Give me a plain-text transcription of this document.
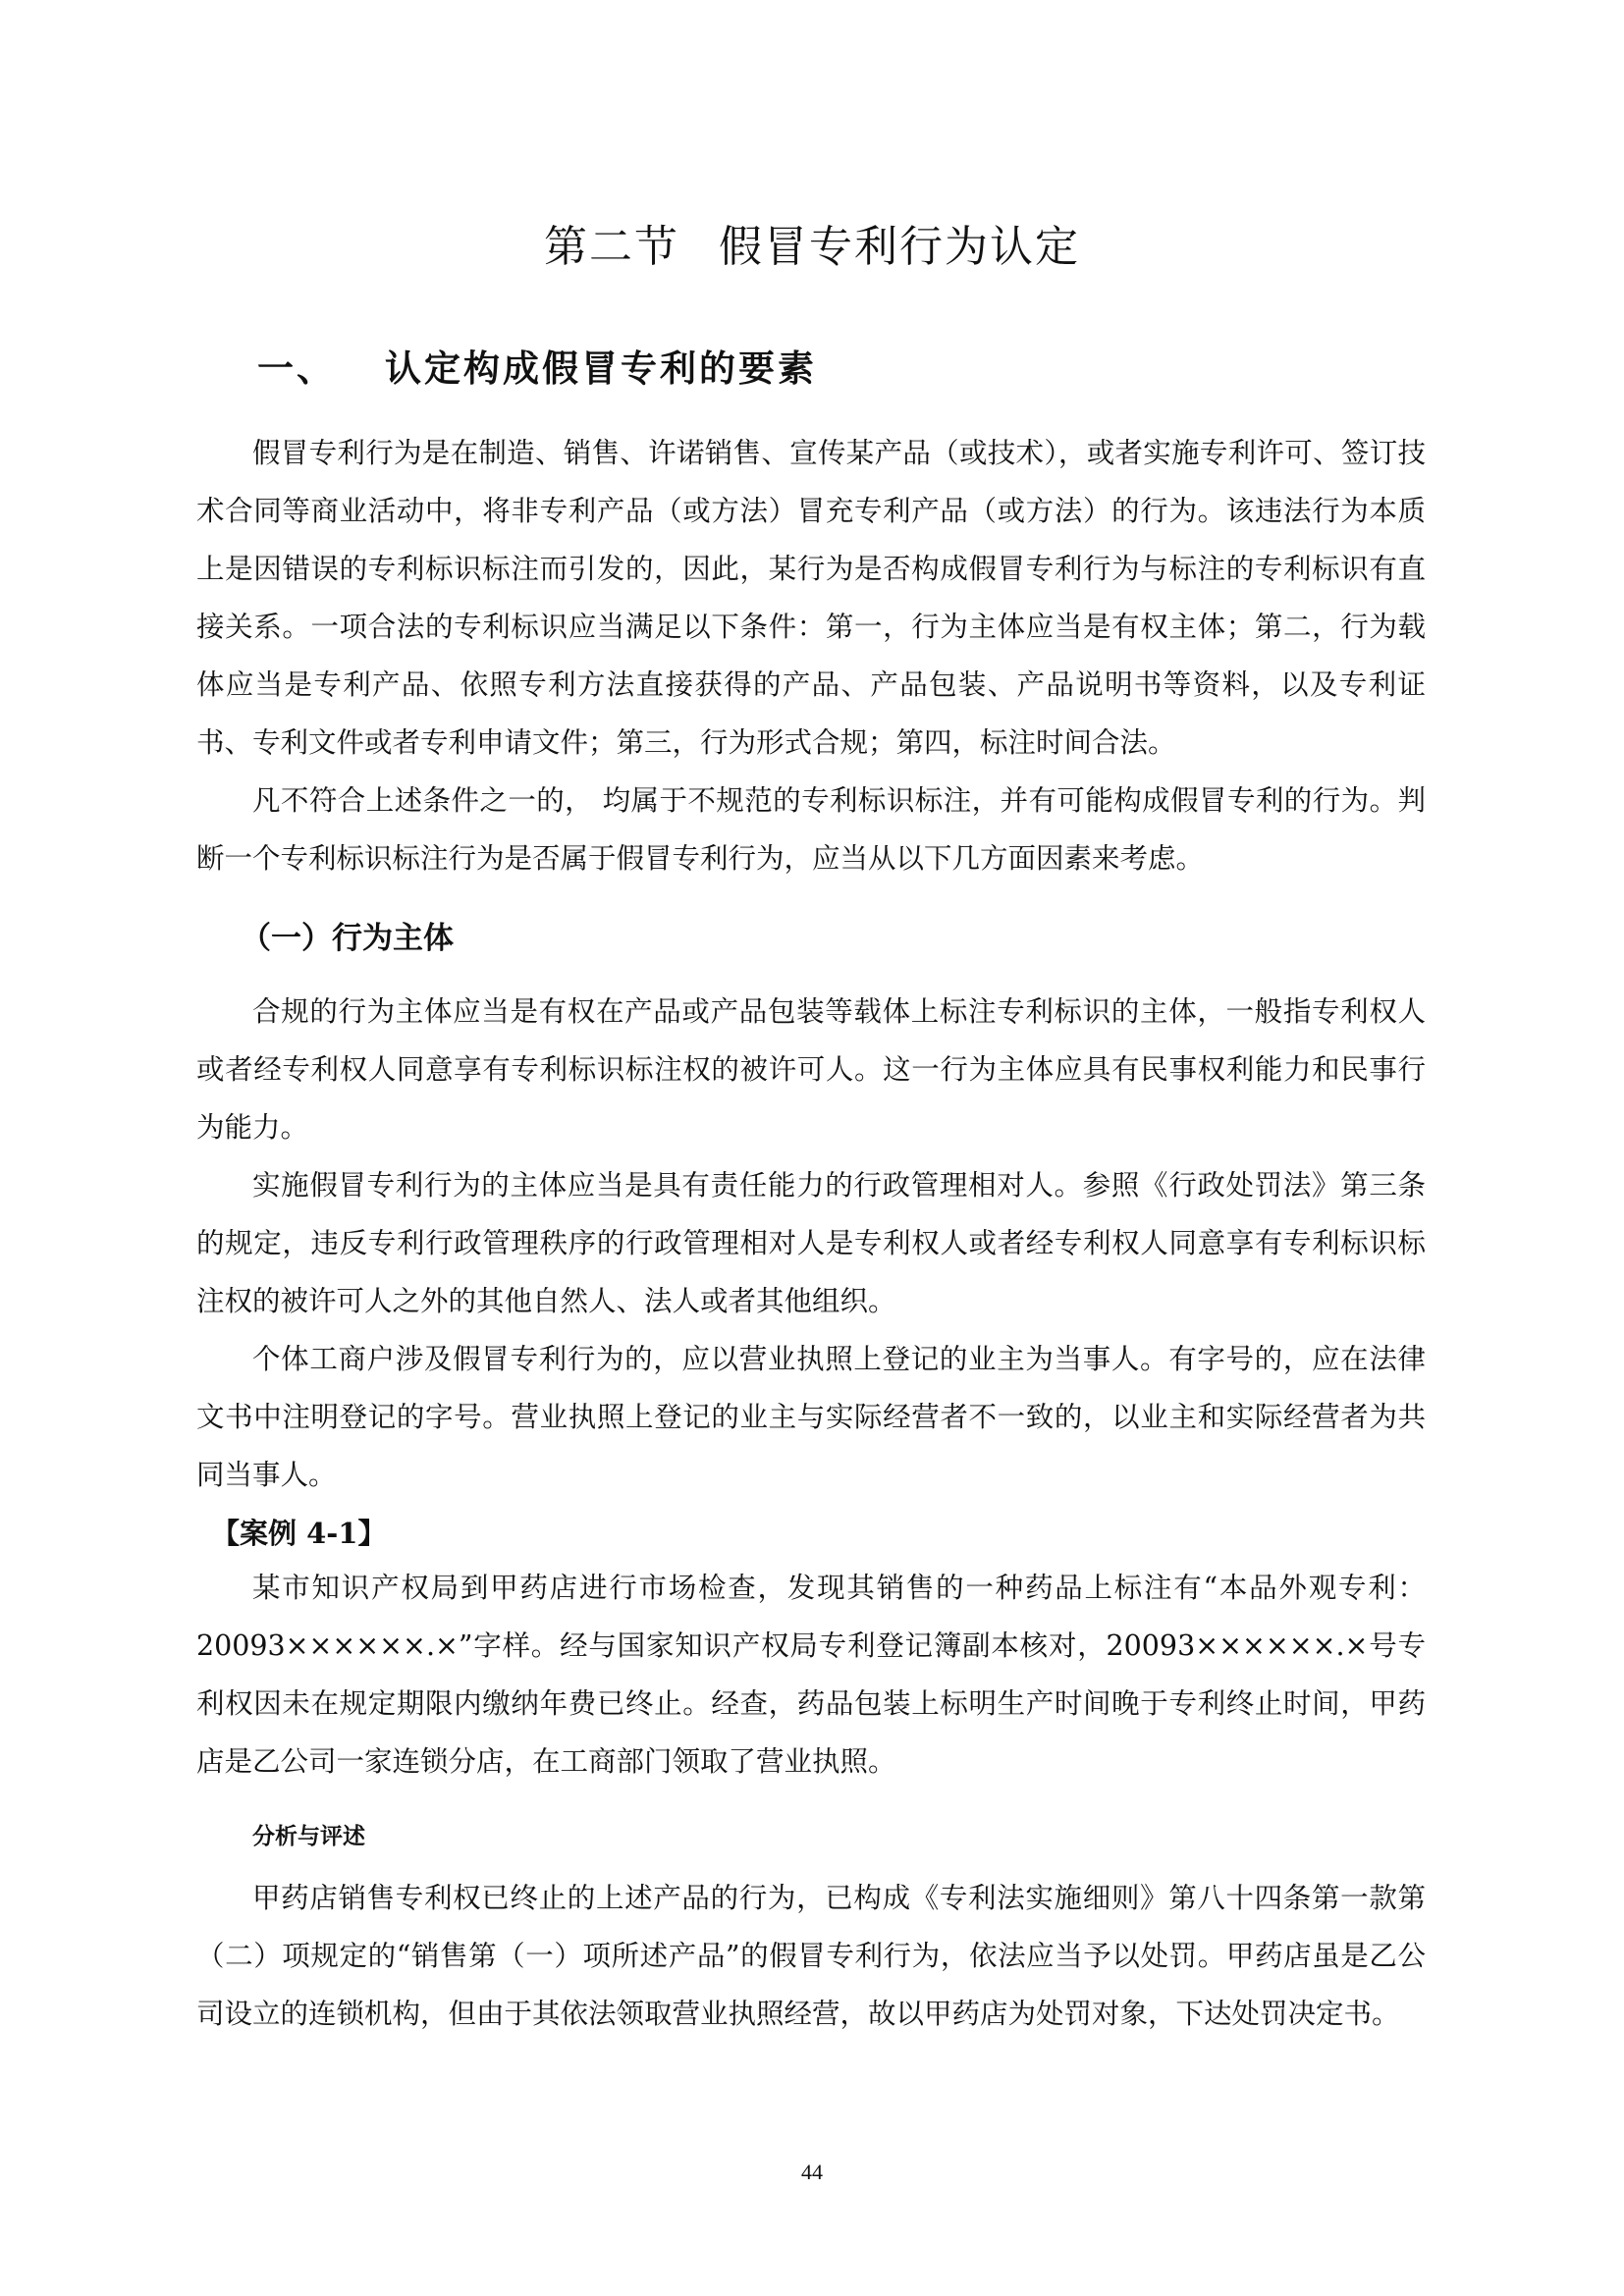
第二节 假冒专利行为认定
一、 认定构成假冒专利的要素

假冒专利行为是在制造、销售、许诺销售、宣传某产品（或技术），或者实施专利许可、签订技术合同等商业活动中，将非专利产品（或方法）冒充专利产品（或方法）的行为。该违法行为本质上是因错误的专利标识标注而引发的，因此，某行为是否构成假冒专利行为与标注的专利标识有直接关系。一项合法的专利标识应当满足以下条件：第一，行为主体应当是有权主体；第二，行为载体应当是专利产品、依照专利方法直接获得的产品、产品包装、产品说明书等资料，以及专利证书、专利文件或者专利申请文件；第三，行为形式合规；第四，标注时间合法。

凡不符合上述条件之一的， 均属于不规范的专利标识标注，并有可能构成假冒专利的行为。判断一个专利标识标注行为是否属于假冒专利行为，应当从以下几方面因素来考虑。

（一）行为主体

合规的行为主体应当是有权在产品或产品包装等载体上标注专利标识的主体，一般指专利权人或者经专利权人同意享有专利标识标注权的被许可人。这一行为主体应具有民事权利能力和民事行为能力。

实施假冒专利行为的主体应当是具有责任能力的行政管理相对人。参照《行政处罚法》第三条的规定，违反专利行政管理秩序的行政管理相对人是专利权人或者经专利权人同意享有专利标识标注权的被许可人之外的其他自然人、法人或者其他组织。

个体工商户涉及假冒专利行为的，应以营业执照上登记的业主为当事人。有字号的，应在法律文书中注明登记的字号。营业执照上登记的业主与实际经营者不一致的，以业主和实际经营者为共同当事人。

【案例 4-1】

某市知识产权局到甲药店进行市场检查，发现其销售的一种药品上标注有“本品外观专利：20093××××××.×”字样。经与国家知识产权局专利登记簿副本核对，20093××××××.×号专利权因未在规定期限内缴纳年费已终止。经查，药品包装上标明生产时间晚于专利终止时间，甲药店是乙公司一家连锁分店，在工商部门领取了营业执照。

分析与评述

甲药店销售专利权已终止的上述产品的行为，已构成《专利法实施细则》第八十四条第一款第（二）项规定的“销售第（一）项所述产品”的假冒专利行为，依法应当予以处罚。甲药店虽是乙公司设立的连锁机构，但由于其依法领取营业执照经营，故以甲药店为处罚对象，下达处罚决定书。

44
